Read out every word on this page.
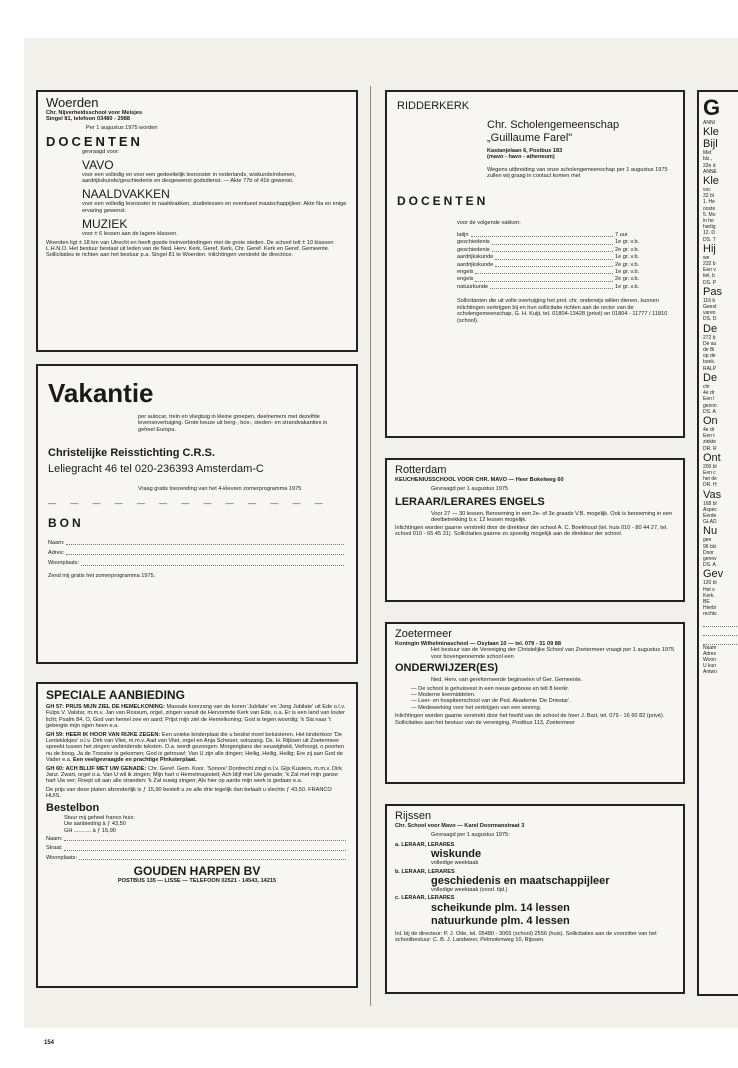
Woerden
Chr. Nijverheidsschool voor Meisjes
Singel 81, telefoon 03480 - 2988
Per 1 augustus 1975 worden
DOCENTEN
gevraagd voor:
VAVO
voor een volledig en voor een gedeeltelijk lesrooster in nederlands, wiskunde/rekenen, aardrijkskunde/geschiedenis en desgewenst godsdienst. — Akte 77b of 41b gewenst.
NAALDVAKKEN
voor een volledig lesrooster in naaldvakken, studielessen en eventueel maatschappijleer. Akte Na en enige ervaring gewenst.
MUZIEK
voor ± 6 lessen aan de lagere klassen.
Woerden ligt ± 18 km van Utrecht en heeft goede treinverbindingen met de grote steden. De school telt ± 10 klassen L.H.N.O. Het bestuur bestaat uit leden van de Ned. Herv. Kerk, Geref. Kerk, Chr. Geref. Kerk en Geref. Gemeente. Sollicitaties te richten aan het bestuur p.a. Singel 81 te Woerden. Inlichtingen verstrekt de directrice.
Vakantie
per autocar, trein en vliegtuig in kleine groepen, deelnemers met dezelfde levensovertuiging. Grote keuze uit berg-, bos-, steden- en strandvakanties in geheel Europa.
Christelijke Reisstichting C.R.S.
Leliegracht 46 tel 020-236393 Amsterdam-C
Vraag gratis toezending van het 4-kleuren zomerprogramma 1975
— — — — — — — — — — — — —
BON
Naam:
Adres:
Woonplaats:
Zend mij gratis het zomerprogramma 1975.
SPECIALE AANBIEDING
GH 57: PRIJS MIJN ZIEL DE HEMELKONING: Massale koorzang van de koren 'Jubilate' en 'Jong Jubilate' uit Ede o.l.v. Fulps V. Valstar, m.m.v. Jan van Rossum, orgel, zingen vanuit de Hervormde Kerk van Ede, o.a. Er is een land van louter licht; Psalm 84, O, God van hemel zee en aard; Prijst mijn ziel de Hemelkoning; God is tegen woordig; 'k Sla naar 't gebergte mijn ogen heen e.a.
GH 59: HEER IK HOOR VAN RIJKE ZEGEN: Een unieke kinderplaat die u beslist moet beluisteren. Het kinderkoor 'De Lenteklokjes' o.l.v. Dirk van Vliet, m.m.v. Aad van Vliet, orgel en Anja Scheuer, solozang. Ds. H. Rijksen uit Zoetermeer spreekt tussen het zingen verbindende teksten. O.a. wordt gezongen: Morgenglans der eeuwigheid, Verhoogt, o poorten nu de boog, Ja de Trooster is gekomen; God is getrouw!; Van U zijn alle dingen; Heilig, Heilig, Heilig; Ere zij aan God de Vader e.a. Een veelgevraagde en prachtige Pinksterplaat.
GH 60: ACH BLIJF MET UW GENADE: Chr. Geref. Gem. Koor. 'Sonore' Dordrecht zingt o.l.v. Gijs Kusters, m.m.v. Dirk Janz. Zwart, orgel o.a. Van U wil ik zingen; Mijn hart o Hemelmajesteit; Ach blijf met Uw genade; 'k Zal met mijn ganse hart Uw eer; Roept uit aan alle stranden: 'k Zal euwig zingen; Als hier op aarde mijn werk is gedaan e.a.
De prijs van deze platen afzonderlijk is ƒ 15,90 bestelt u ze alle drie tegelijk dan betaalt u slechts ƒ 43,50. FRANCO HUIS.
Bestelbon
Stuur mij geheel franco huis:
Uw aanbieding à ƒ 43,50
GH ........... à ƒ 15,90
Naam:
Straat:
Woonplaats:
GOUDEN HARPEN BV
POSTBUS 135 — LISSE — TELEFOON 02521 - 14543, 14215
RIDDERKERK
Chr. Scholengemeenschap
„Guillaume Farel"
Kastanjelaan 6, Postbus 183
(mavo - havo - atheneum)
Wegens uitbreiding van onze scholengemeenschap per 1 augustus 1975 zullen wij graag in contact komen met
DOCENTEN
voor de volgende vakken:
latijn	7 uur
geschiedenis	1e gr. v.b.
geschiedenis	2e gr. v.b.
aardrijkskunde	1e gr. v.b.
aardrijkskunde	2e gr. v.b.
engels	1e gr. v.b.
engels	2e gr. v.b.
natuurkunde	1e gr. v.b.
Sollicitanten die uit volle overtuiging het prot. chr. onderwijs willen dienen, kunnen inlichtingen verkrijgen bij en hun sollicitatie richten aan de rector van de scholengemeenschap, G. H. Kuijt, tel. 01804-13428 (privé) en 01804 - 11777 / 11810 (school).
Rotterdam
KEUCHENIUSSCHOOL VOOR CHR. MAVO — Heer Bokelweg 60
Gevraagd per 1 augustus 1975
LERAAR/LERARES ENGELS
Voor 27 — 30 lessen. Benoeming in een 2e- of 3e graads V.B. mogelijk. Ook is benoeming in een deelbetrekking b.v. 12 lessen mogelijk.
Inlichtingen worden gaarne verstrekt door de direkteur der school A. C. Boekhoud (tel. huis 010 - 80 44 27, tel. school 010 - 65 45 31). Sollicitaties gaarne zo spoedig mogelijk aan de direkteur der school.
Zoetermeer
Koningin Wilhelminaschool — Osylaan 10 — tel. 079 - 31 09 88
Het bestuur van de Vereniging der Christelijke School van Zoetermeer vraagt per 1 augustus 1975 voor bovengenoemde school een
ONDERWIJZER(ES)
Ned. Herv. van gereformeerde beginselen of Ger. Gemeente.
— De school is gehuisvest in een nieuw gebouw en telt 8 leerkr.
— Moderne leermiddelen.
— Leer- en hospiteerschool van de Ped. Akademie 'De Driestar'.
— Medewerking voor het verkrijgen van een woning.
Inlichtingen worden gaarne verstrekt door het hoofd van de school de heer J. Bart, tel. 079 - 16 60 82 (privé). Sollicitaties aan het bestuur van de vereniging, Postbus 113, Zoetermeer
Rijssen
Chr. School voor Mavo — Karel Doormanstraat 3
Gevraagd per 1 augustus 1975:
a. LERAAR, LERARES
wiskunde
volledige weektaak
b. LERAAR, LERARES
geschiedenis en maatschappijleer
volledige weektaak (voorl. tijd.)
c. LERAAR, LERARES
scheikunde plm. 14 lessen
natuurkunde plm. 4 lessen
Inl. bij de directeur: P. J. Otte, tel. 05480 - 3065 (school) 2556 (huis). Sollicitaties aan de voorzitter van het schoolbestuur: C. B. J. Landweer, Pelmolenweg 10, Rijssen.
G
ANNI
Kle
Bijl
Met
blz.,
22e d
ANNE
Kle
voc
32 bl
1. He
ooste
5. Mo
in he
hartig
12. D
DS. T
Hij
we
232 b
Een v
tiel, b
DS. P
Pas
116 b
Geest
varen
DS. D
De
272 b
De au
de Bi
op de
boek.
RALP
De
chr
4e dr
Een l
gezon
DS. A
On
4e dr
Een t
ziekte
DR. R
Ont
200 bl
Een c
het de
DR. H
Vas
168 bl
Aspec
Eerde
GLAD
Nu
gee
96 blz
Door
genov
DS. A
Gev
120 bl
Het s
Kerk.
BE
Hierbi
rechts
Naam
Adres
Woon
U kun
Antwo
154
